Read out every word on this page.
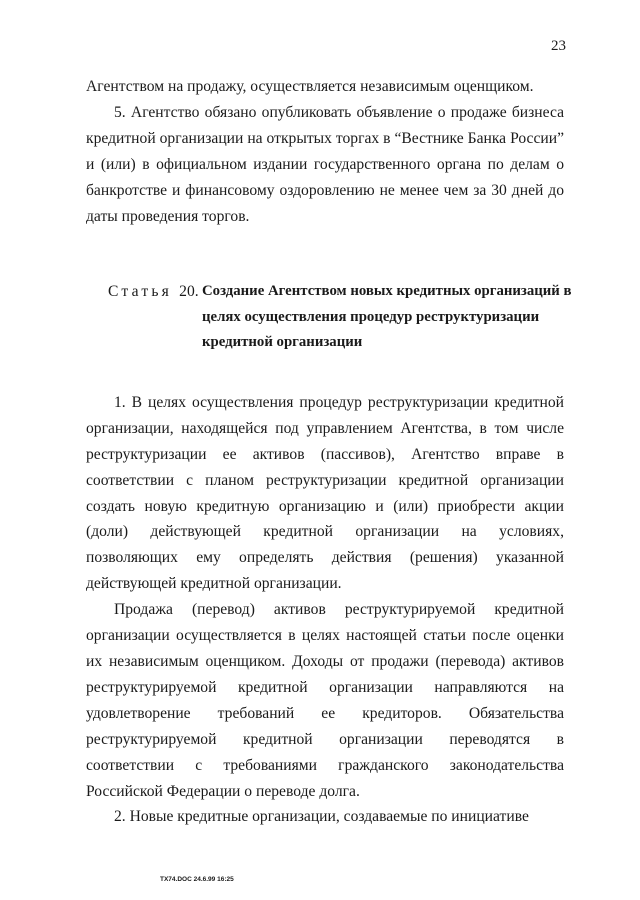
23

Агентством на продажу, осуществляется независимым оценщиком.

5. Агентство обязано опубликовать объявление о продаже бизнеса кредитной организации на открытых торгах в “Вестнике Банка России” и (или) в официальном издании государственного органа по делам о банкротстве и финансовому оздоровлению не менее чем за 30 дней до даты проведения торгов.

Статья 20. Создание Агентством новых кредитных организаций в целях осуществления процедур реструктуризации кредитной организации

1. В целях осуществления процедур реструктуризации кредитной организации, находящейся под управлением Агентства, в том числе реструктуризации ее активов (пассивов), Агентство вправе в соответствии с планом реструктуризации кредитной организации создать новую кредитную организацию и (или) приобрести акции (доли) действующей кредитной организации на условиях, позволяющих ему определять действия (решения) указанной действующей кредитной организации.

Продажа (перевод) активов реструктурируемой кредитной организации осуществляется в целях настоящей статьи после оценки их независимым оценщиком. Доходы от продажи (перевода) активов реструктурируемой кредитной организации направляются на удовлетворение требований ее кредиторов. Обязательства реструктурируемой кредитной организации переводятся в соответствии с требованиями гражданского законодательства Российской Федерации о переводе долга.

2. Новые кредитные организации, создаваемые по инициативе

TX74.DOC 24.6.99 16:25
